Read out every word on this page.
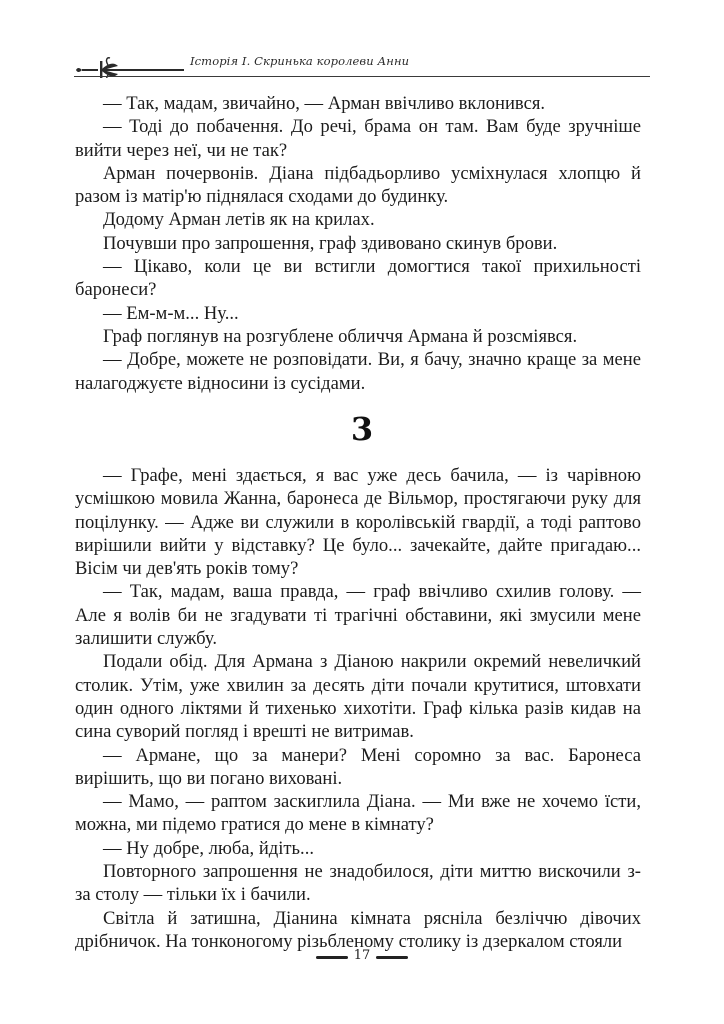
Історія I. Скринька королеви Анни

— Так, мадам, звичайно, — Арман ввічливо вклонився.

— Тоді до побачення. До речі, брама он там. Вам буде зручніше вийти через неї, чи не так?

Арман почервонів. Діана підбадьорливо усміхнулася хлопцю й разом із матір'ю піднялася сходами до будинку.

Додому Арман летів як на крилах.

Почувши про запрошення, граф здивовано скинув брови.

— Цікаво, коли це ви встигли домогтися такої прихильності баронеси?

— Ем-м-м... Ну...

Граф поглянув на розгублене обличчя Армана й розсміявся.

— Добре, можете не розповідати. Ви, я бачу, значно краще за мене налагоджуєте відносини із сусідами.

3

— Графе, мені здається, я вас уже десь бачила, — із чарівною усмішкою мовила Жанна, баронеса де Вільмор, простягаючи руку для поцілунку. — Адже ви служили в королівській гвардії, а тоді раптово вирішили вийти у відставку? Це було... зачекайте, дайте пригадаю... Вісім чи дев'ять років тому?

— Так, мадам, ваша правда, — граф ввічливо схилив голову. — Але я волів би не згадувати ті трагічні обставини, які змусили мене залишити службу.

Подали обід. Для Армана з Діаною накрили окремий невеличкий столик. Утім, уже хвилин за десять діти почали крутитися, штовхати один одного ліктями й тихенько хихотіти. Граф кілька разів кидав на сина суворий погляд і врешті не витримав.

— Армане, що за манери? Мені соромно за вас. Баронеса вирішить, що ви погано виховані.

— Мамо, — раптом заскиглила Діана. — Ми вже не хочемо їсти, можна, ми підемо гратися до мене в кімнату?

— Ну добре, люба, йдіть...

Повторного запрошення не знадобилося, діти миттю вискочили з-за столу — тільки їх і бачили.

Світла й затишна, Діанина кімната рясніла безліччю дівочих дрібничок. На тонконогому різьбленому столику із дзеркалом стояли

17
